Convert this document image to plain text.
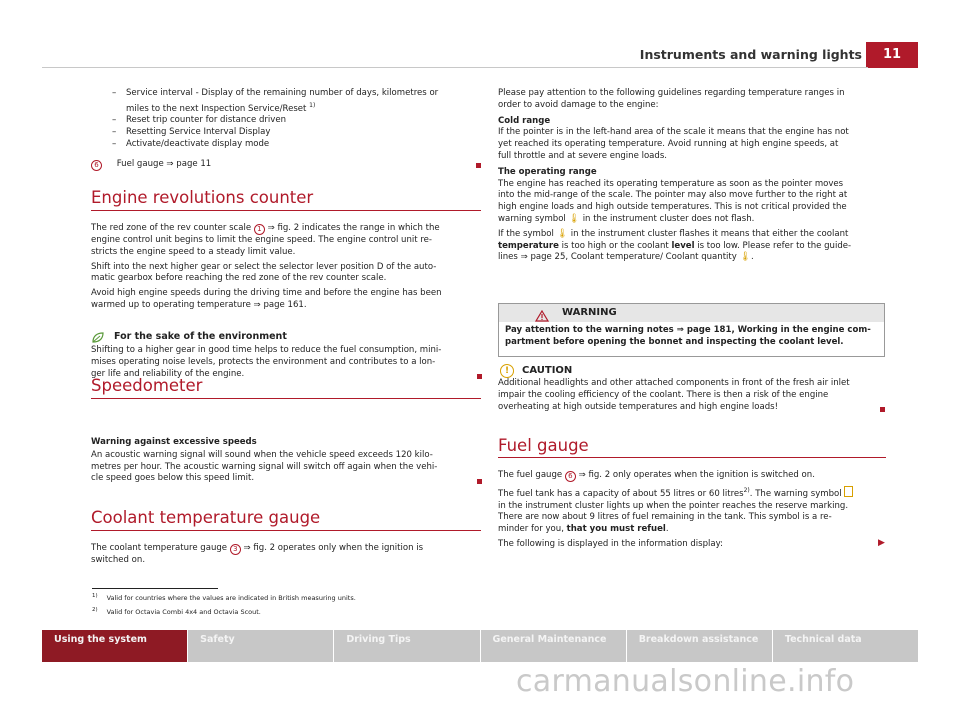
Instruments and warning lights	11
– Service interval - Display of the remaining number of days, kilometres or
miles to the next Inspection Service/Reset $^{1)}$
– Reset trip counter for distance driven
– Resetting Service Interval Display
– Activate/deactivate display mode
6 Fuel gauge ⇒ page 11
Engine revolutions counter

The red zone of the rev counter scale 1 ⇒ fig. 2 indicates the range in which the
engine control unit begins to limit the engine speed. The engine control unit re-
stricts the engine speed to a steady limit value.

Shift into the next higher gear or select the selector lever position D of the auto-
matic gearbox before reaching the red zone of the rev counter scale.

Avoid high engine speeds during the driving time and before the engine has been
warmed up to operating temperature ⇒ page 161.

For the sake of the environment

Shifting to a higher gear in good time helps to reduce the fuel consumption, mini-
mises operating noise levels, protects the environment and contributes to a lon-
ger life and reliability of the engine.

Speedometer

Warning against excessive speeds

An acoustic warning signal will sound when the vehicle speed exceeds 120 kilo-
metres per hour. The acoustic warning signal will switch off again when the vehi-
cle speed goes below this speed limit.

Coolant temperature gauge

The coolant temperature gauge 3 ⇒ fig. 2 operates only when the ignition is
switched on.

Please pay attention to the following guidelines regarding temperature ranges in
order to avoid damage to the engine:

Cold range
If the pointer is in the left-hand area of the scale it means that the engine has not
yet reached its operating temperature. Avoid running at high engine speeds, at
full throttle and at severe engine loads.

The operating range
The engine has reached its operating temperature as soon as the pointer moves
into the mid-range of the scale. The pointer may also move further to the right at
high engine loads and high outside temperatures. This is not critical provided the
warning symbol 🌡 in the instrument cluster does not flash.

If the symbol 🌡 in the instrument cluster flashes it means that either the coolant
temperature is too high or the coolant level is too low. Please refer to the guide-
lines ⇒ page 25, Coolant temperature/ Coolant quantity 🌡.

WARNING

Pay attention to the warning notes ⇒ page 181, Working in the engine com-
partment before opening the bonnet and inspecting the coolant level.

!	CAUTION

Additional headlights and other attached components in front of the fresh air inlet
impair the cooling efficiency of the coolant. There is then a risk of the engine
overheating at high outside temperatures and high engine loads!

Fuel gauge

The fuel gauge 6 ⇒ fig. 2 only operates when the ignition is switched on.

The fuel tank has a capacity of about 55 litres or 60 litres$^{2)}$. The warning symbol
in the instrument cluster lights up when the pointer reaches the reserve marking.
There are now about 9 litres of fuel remaining in the tank. This symbol is a re-
minder for you, that you must refuel.

The following is displayed in the information display:	▶
$^{1)}$ Valid for countries where the values are indicated in British measuring units.
$^{2)}$ Valid for Octavia Combi 4x4 and Octavia Scout.
Using the system	Safety	Driving Tips	General Maintenance	Breakdown assistance	Technical data
carmanualsonline.info
